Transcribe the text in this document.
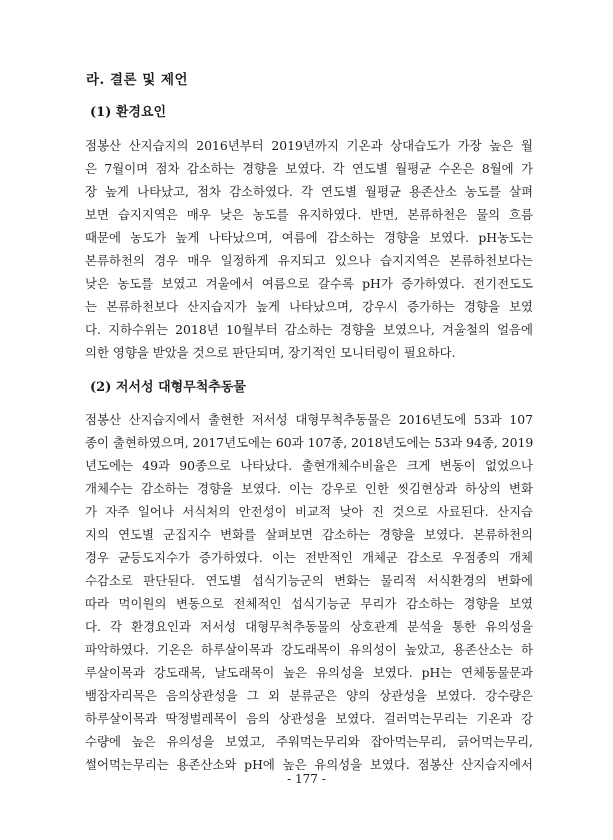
라. 결론 및 제언
(1) 환경요인
점봉산 산지습지의 2016년부터 2019년까지 기온과 상대습도가 가장 높은 월
은 7월이며 점차 감소하는 경향을 보였다. 각 연도별 월평균 수온은 8월에 가
장 높게 나타났고, 점차 감소하였다. 각 연도별 월평균 용존산소 농도를 살펴
보면 습지지역은 매우 낮은 농도를 유지하였다. 반면, 본류하천은 물의 흐름
때문에 농도가 높게 나타났으며, 여름에 감소하는 경향을 보였다. pH농도는
본류하천의 경우 매우 일정하게 유지되고 있으나 습지지역은 본류하천보다는
낮은 농도를 보였고 겨울에서 여름으로 갈수록 pH가 증가하였다. 전기전도도
는 본류하천보다 산지습지가 높게 나타났으며, 강우시 증가하는 경향을 보였
다. 지하수위는 2018년 10월부터 감소하는 경향을 보였으나, 겨울철의 얼음에
의한 영향을 받았을 것으로 판단되며, 장기적인 모니터링이 필요하다.
(2) 저서성 대형무척추동물
점봉산 산지습지에서 출현한 저서성 대형무척추동물은 2016년도에 53과 107
종이 출현하였으며, 2017년도에는 60과 107종, 2018년도에는 53과 94종, 2019
년도에는 49과 90종으로 나타났다. 출현개체수비율은 크게 변동이 없었으나
개체수는 감소하는 경향을 보였다. 이는 강우로 인한 씻김현상과 하상의 변화
가 자주 일어나 서식처의 안전성이 비교적 낮아 진 것으로 사료된다. 산지습
지의 연도별 군집지수 변화를 살펴보면 감소하는 경향을 보였다. 본류하천의
경우 균등도지수가 증가하였다. 이는 전반적인 개체군 감소로 우점종의 개체
수감소로 판단된다. 연도별 섭식기능군의 변화는 물리적 서식환경의 변화에
따라 먹이원의 변동으로 전체적인 섭식기능군 무리가 감소하는 경향을 보였
다. 각 환경요인과 저서성 대형무척추동물의 상호관계 분석을 통한 유의성을
파악하였다. 기온은 하루살이목과 강도래목이 유의성이 높았고, 용존산소는 하
루살이목과 강도래목, 날도래목이 높은 유의성을 보였다. pH는 연체동물문과
뱀잠자리목은 음의상관성을 그 외 분류군은 양의 상관성을 보였다. 강수량은
하루살이목과 딱정벌레목이 음의 상관성을 보였다. 걸러먹는무리는 기온과 강
수량에 높은 유의성을 보였고, 주워먹는무리와 잡아먹는무리, 긁어먹는무리,
썰어먹는무리는 용존산소와 pH에 높은 유의성을 보였다. 점봉산 산지습지에서
- 177 -
